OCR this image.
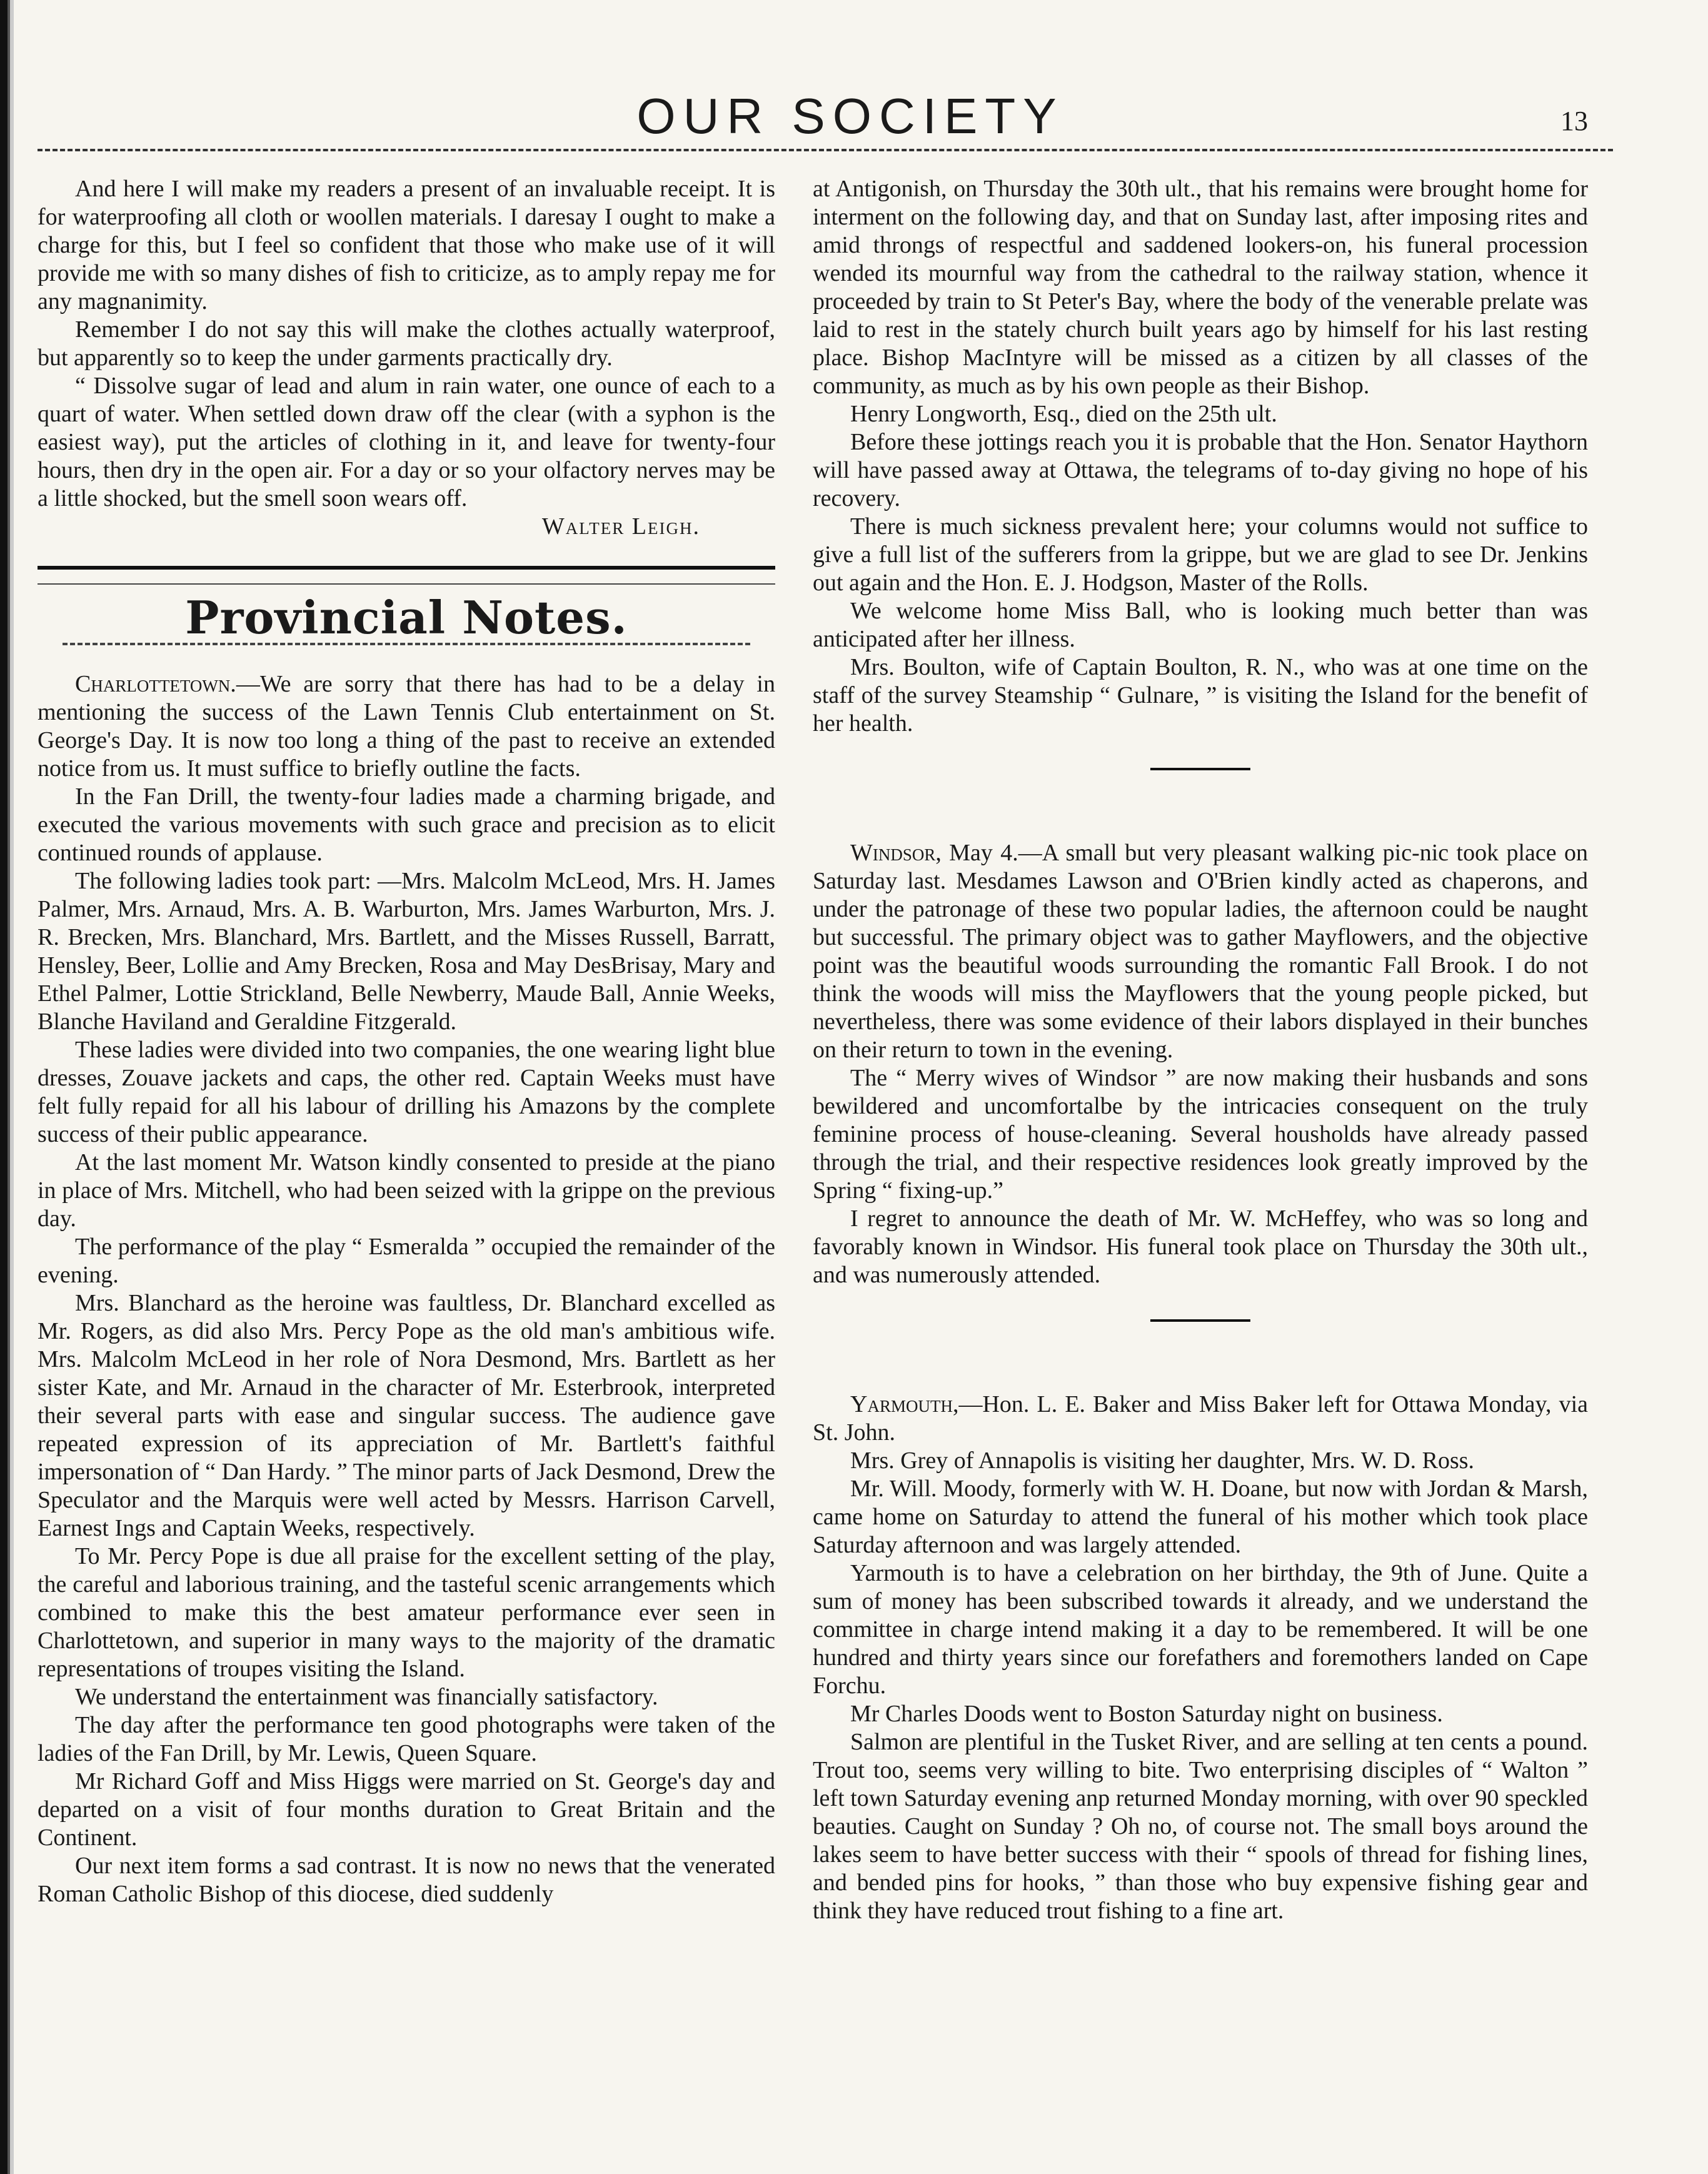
OUR SOCIETY	13

And here I will make my readers a present of an invaluable receipt. It is for waterproofing all cloth or woollen materials. I daresay I ought to make a charge for this, but I feel so confident that those who make use of it will provide me with so many dishes of fish to criticize, as to amply repay me for any magnanimity.

Remember I do not say this will make the clothes actually waterproof, but apparently so to keep the under garments practically dry.

“ Dissolve sugar of lead and alum in rain water, one ounce of each to a quart of water. When settled down draw off the clear (with a syphon is the easiest way), put the articles of clothing in it, and leave for twenty-four hours, then dry in the open air. For a day or so your olfactory nerves may be a little shocked, but the smell soon wears off.

Walter Leigh.

Provincial Notes.

Charlottetown.—We are sorry that there has had to be a delay in mentioning the success of the Lawn Tennis Club entertainment on St. George's Day. It is now too long a thing of the past to receive an extended notice from us. It must suffice to briefly outline the facts.

In the Fan Drill, the twenty-four ladies made a charming brigade, and executed the various movements with such grace and precision as to elicit continued rounds of applause.

The following ladies took part: —Mrs. Malcolm McLeod, Mrs. H. James Palmer, Mrs. Arnaud, Mrs. A. B. Warburton, Mrs. James Warburton, Mrs. J. R. Brecken, Mrs. Blanchard, Mrs. Bartlett, and the Misses Russell, Barratt, Hensley, Beer, Lollie and Amy Brecken, Rosa and May DesBrisay, Mary and Ethel Palmer, Lottie Strickland, Belle Newberry, Maude Ball, Annie Weeks, Blanche Haviland and Geraldine Fitzgerald.

These ladies were divided into two companies, the one wearing light blue dresses, Zouave jackets and caps, the other red. Captain Weeks must have felt fully repaid for all his labour of drilling his Amazons by the complete success of their public appearance.

At the last moment Mr. Watson kindly consented to preside at the piano in place of Mrs. Mitchell, who had been seized with la grippe on the previous day.

The performance of the play “ Esmeralda ” occupied the remainder of the evening.

Mrs. Blanchard as the heroine was faultless, Dr. Blanchard excelled as Mr. Rogers, as did also Mrs. Percy Pope as the old man's ambitious wife. Mrs. Malcolm McLeod in her role of Nora Desmond, Mrs. Bartlett as her sister Kate, and Mr. Arnaud in the character of Mr. Esterbrook, interpreted their several parts with ease and singular success. The audience gave repeated expression of its appreciation of Mr. Bartlett's faithful impersonation of “ Dan Hardy. ” The minor parts of Jack Desmond, Drew the Speculator and the Marquis were well acted by Messrs. Harrison Carvell, Earnest Ings and Captain Weeks, respectively.

To Mr. Percy Pope is due all praise for the excellent setting of the play, the careful and laborious training, and the tasteful scenic arrangements which combined to make this the best amateur performance ever seen in Charlottetown, and superior in many ways to the majority of the dramatic representations of troupes visiting the Island.

We understand the entertainment was financially satisfactory.

The day after the performance ten good photographs were taken of the ladies of the Fan Drill, by Mr. Lewis, Queen Square.

Mr Richard Goff and Miss Higgs were married on St. George's day and departed on a visit of four months duration to Great Britain and the Continent.

Our next item forms a sad contrast. It is now no news that the venerated Roman Catholic Bishop of this diocese, died suddenly

at Antigonish, on Thursday the 30th ult., that his remains were brought home for interment on the following day, and that on Sunday last, after imposing rites and amid throngs of respectful and saddened lookers-on, his funeral procession wended its mournful way from the cathedral to the railway station, whence it proceeded by train to St Peter's Bay, where the body of the venerable prelate was laid to rest in the stately church built years ago by himself for his last resting place. Bishop MacIntyre will be missed as a citizen by all classes of the community, as much as by his own people as their Bishop.

Henry Longworth, Esq., died on the 25th ult.

Before these jottings reach you it is probable that the Hon. Senator Haythorn will have passed away at Ottawa, the telegrams of to-day giving no hope of his recovery.

There is much sickness prevalent here; your columns would not suffice to give a full list of the sufferers from la grippe, but we are glad to see Dr. Jenkins out again and the Hon. E. J. Hodgson, Master of the Rolls.

We welcome home Miss Ball, who is looking much better than was anticipated after her illness.

Mrs. Boulton, wife of Captain Boulton, R. N., who was at one time on the staff of the survey Steamship “ Gulnare, ” is visiting the Island for the benefit of her health.

Windsor, May 4.—A small but very pleasant walking pic-nic took place on Saturday last. Mesdames Lawson and O'Brien kindly acted as chaperons, and under the patronage of these two popular ladies, the afternoon could be naught but successful. The primary object was to gather Mayflowers, and the objective point was the beautiful woods surrounding the romantic Fall Brook. I do not think the woods will miss the Mayflowers that the young people picked, but nevertheless, there was some evidence of their labors displayed in their bunches on their return to town in the evening.

The “ Merry wives of Windsor ” are now making their husbands and sons bewildered and uncomfortalbe by the intricacies consequent on the truly feminine process of house-cleaning. Several housholds have already passed through the trial, and their respective residences look greatly improved by the Spring “ fixing-up.”

I regret to announce the death of Mr. W. McHeffey, who was so long and favorably known in Windsor. His funeral took place on Thursday the 30th ult., and was numerously attended.

Yarmouth,—Hon. L. E. Baker and Miss Baker left for Ottawa Monday, via St. John.

Mrs. Grey of Annapolis is visiting her daughter, Mrs. W. D. Ross.

Mr. Will. Moody, formerly with W. H. Doane, but now with Jordan & Marsh, came home on Saturday to attend the funeral of his mother which took place Saturday afternoon and was largely attended.

Yarmouth is to have a celebration on her birthday, the 9th of June. Quite a sum of money has been subscribed towards it already, and we understand the committee in charge intend making it a day to be remembered. It will be one hundred and thirty years since our forefathers and foremothers landed on Cape Forchu.

Mr Charles Doods went to Boston Saturday night on business.

Salmon are plentiful in the Tusket River, and are selling at ten cents a pound. Trout too, seems very willing to bite. Two enterprising disciples of “ Walton ” left town Saturday evening anp returned Monday morning, with over 90 speckled beauties. Caught on Sunday ? Oh no, of course not. The small boys around the lakes seem to have better success with their “ spools of thread for fishing lines, and bended pins for hooks, ” than those who buy expensive fishing gear and think they have reduced trout fishing to a fine art.
